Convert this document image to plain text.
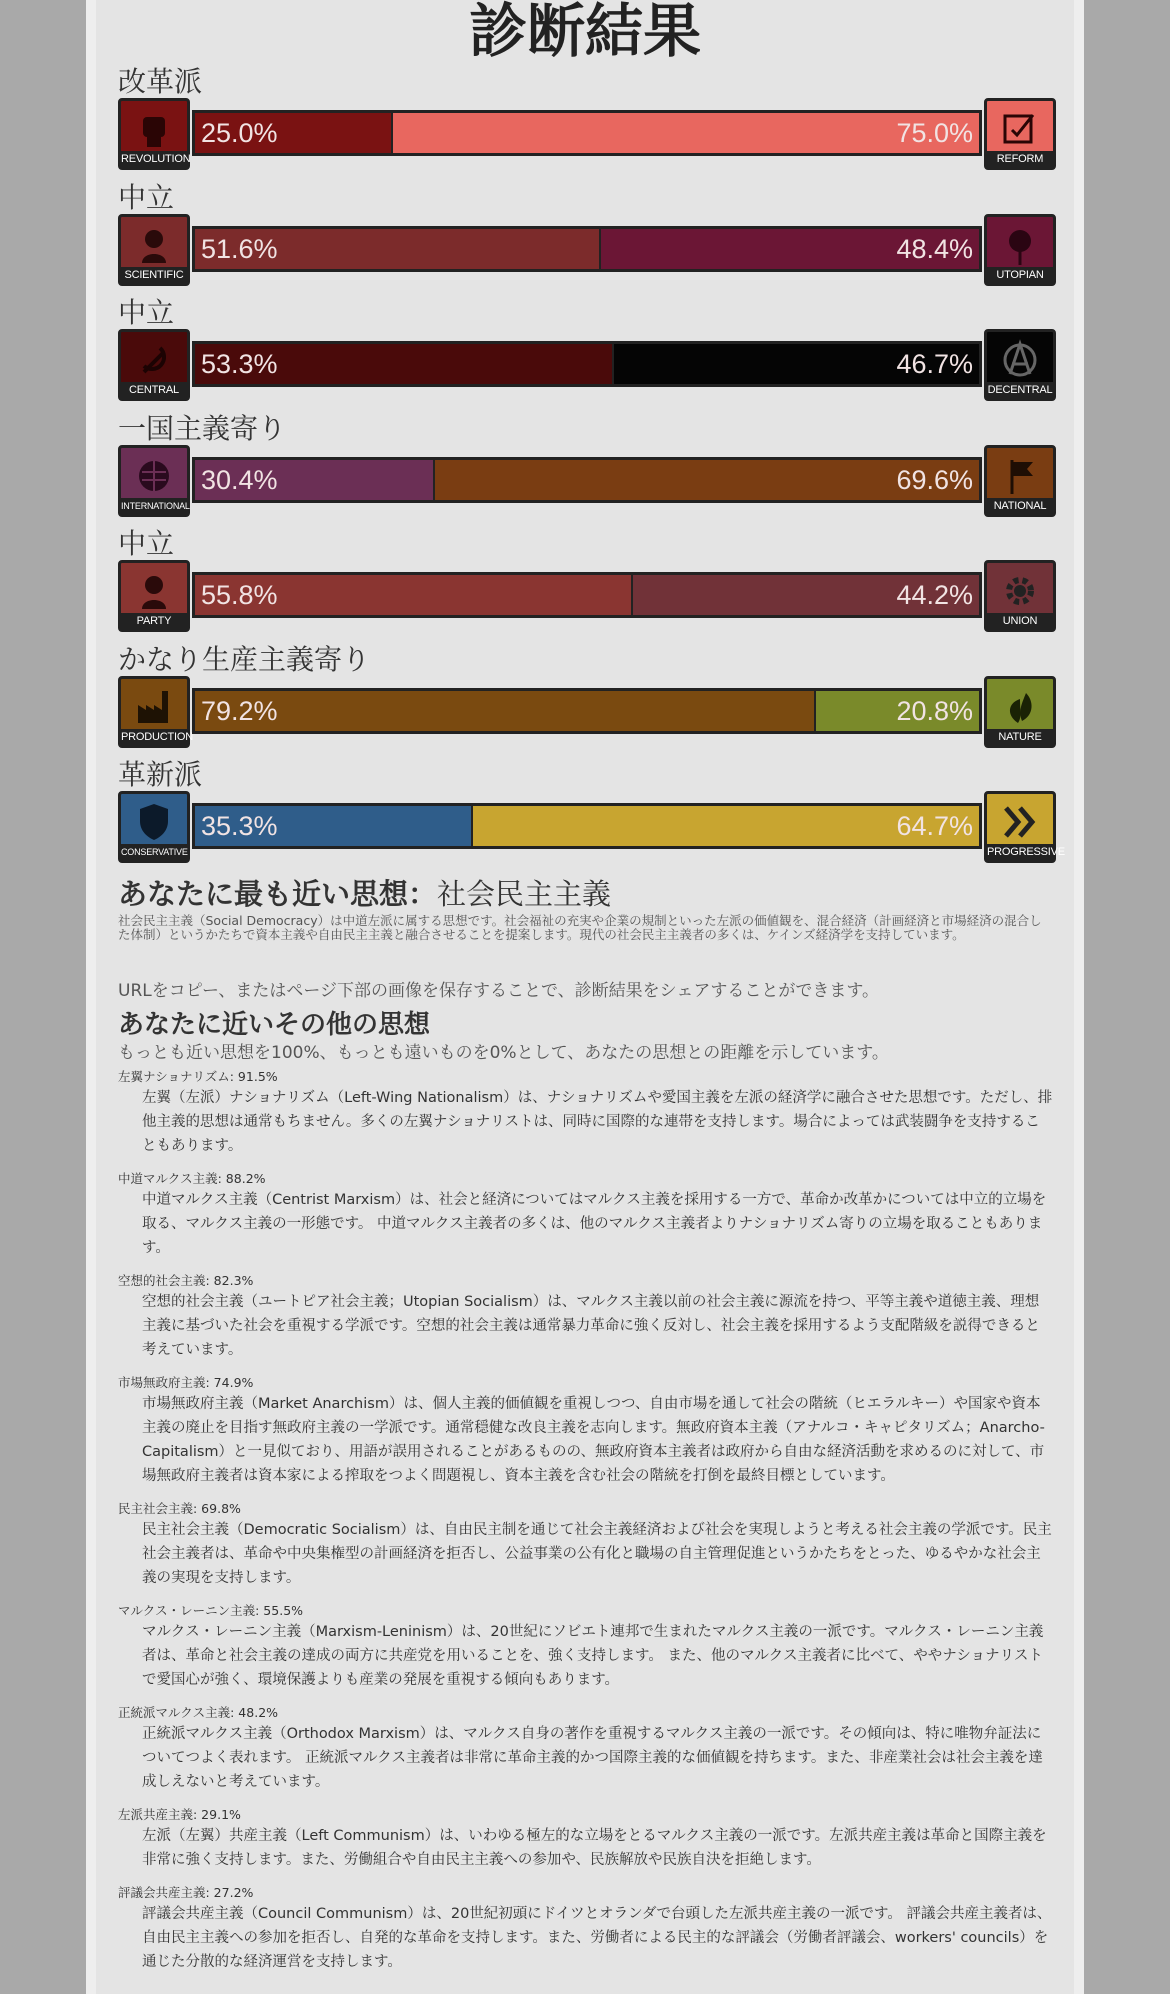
診断結果
改革派
REVOLUTION	REFORM
25.0%	75.0%
中立
SCIENTIFIC	UTOPIAN
51.6%	48.4%
中立
CENTRAL	DECENTRAL
53.3%	46.7%
一国主義寄り
INTERNATIONAL	NATIONAL
30.4%	69.6%
中立
PARTY	UNION
55.8%	44.2%
かなり生産主義寄り
PRODUCTION	NATURE
79.2%	20.8%
革新派
CONSERVATIVE	PROGRESSIVE
35.3%	64.7%
あなたに最も近い思想：社会民主主義
社会民主主義（Social Democracy）は中道左派に属する思想です。社会福祉の充実や企業の規制といった左派の価値観を、混合経済（計画経済と市場経済の混合した体制）というかたちで資本主義や自由民主主義と融合させることを提案します。現代の社会民主主義者の多くは、ケインズ経済学を支持しています。
URLをコピー、またはページ下部の画像を保存することで、診断結果をシェアすることができます。
あなたに近いその他の思想
もっとも近い思想を100%、もっとも遠いものを0%として、あなたの思想との距離を示しています。
左翼ナショナリズム: 91.5%
左翼（左派）ナショナリズム（Left-Wing Nationalism）は、ナショナリズムや愛国主義を左派の経済学に融合させた思想です。ただし、排他主義的思想は通常もちません。多くの左翼ナショナリストは、同時に国際的な連帯を支持します。場合によっては武装闘争を支持することもあります。
中道マルクス主義: 88.2%
中道マルクス主義（Centrist Marxism）は、社会と経済についてはマルクス主義を採用する一方で、革命か改革かについては中立的立場を取る、マルクス主義の一形態です。 中道マルクス主義者の多くは、他のマルクス主義者よりナショナリズム寄りの立場を取ることもあります。
空想的社会主義: 82.3%
空想的社会主義（ユートピア社会主義；Utopian Socialism）は、マルクス主義以前の社会主義に源流を持つ、平等主義や道徳主義、理想主義に基づいた社会を重視する学派です。空想的社会主義は通常暴力革命に強く反対し、社会主義を採用するよう支配階級を説得できると考えています。
市場無政府主義: 74.9%
市場無政府主義（Market Anarchism）は、個人主義的価値観を重視しつつ、自由市場を通して社会の階統（ヒエラルキー）や国家や資本主義の廃止を目指す無政府主義の一学派です。通常穏健な改良主義を志向します。無政府資本主義（アナルコ・キャピタリズム；Anarcho-Capitalism）と一見似ており、用語が誤用されることがあるものの、無政府資本主義者は政府から自由な経済活動を求めるのに対して、市場無政府主義者は資本家による搾取をつよく問題視し、資本主義を含む社会の階統を打倒を最終目標としています。
民主社会主義: 69.8%
民主社会主義（Democratic Socialism）は、自由民主制を通じて社会主義経済および社会を実現しようと考える社会主義の学派です。民主社会主義者は、革命や中央集権型の計画経済を拒否し、公益事業の公有化と職場の自主管理促進というかたちをとった、ゆるやかな社会主義の実現を支持します。
マルクス・レーニン主義: 55.5%
マルクス・レーニン主義（Marxism-Leninism）は、20世紀にソビエト連邦で生まれたマルクス主義の一派です。マルクス・レーニン主義者は、革命と社会主義の達成の両方に共産党を用いることを、強く支持します。 また、他のマルクス主義者に比べて、ややナショナリストで愛国心が強く、環境保護よりも産業の発展を重視する傾向もあります。
正統派マルクス主義: 48.2%
正統派マルクス主義（Orthodox Marxism）は、マルクス自身の著作を重視するマルクス主義の一派です。その傾向は、特に唯物弁証法についてつよく表れます。 正統派マルクス主義者は非常に革命主義的かつ国際主義的な価値観を持ちます。また、非産業社会は社会主義を達成しえないと考えています。
左派共産主義: 29.1%
左派（左翼）共産主義（Left Communism）は、いわゆる極左的な立場をとるマルクス主義の一派です。左派共産主義は革命と国際主義を非常に強く支持します。また、労働組合や自由民主主義への参加や、民族解放や民族自決を拒絶します。
評議会共産主義: 27.2%
評議会共産主義（Council Communism）は、20世紀初頭にドイツとオランダで台頭した左派共産主義の一派です。 評議会共産主義者は、自由民主主義への参加を拒否し、自発的な革命を支持します。また、労働者による民主的な評議会（労働者評議会、workers' councils）を通じた分散的な経済運営を支持します。
